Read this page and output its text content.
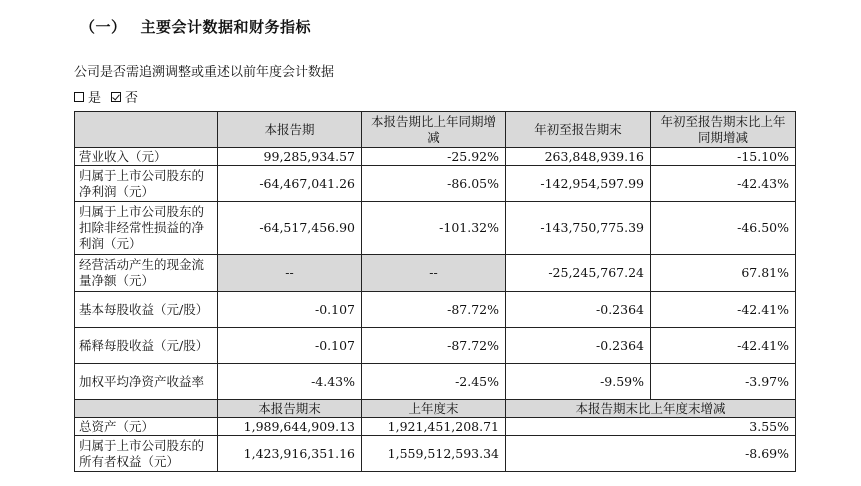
（一） 主要会计数据和财务指标
公司是否需追溯调整或重述以前年度会计数据
是 否
	本报告期	本报告期比上年同期增减	年初至报告期末	年初至报告期末比上年同期增减
营业收入（元）	99,285,934.57	-25.92%	263,848,939.16	-15.10%
归属于上市公司股东的净利润（元）	-64,467,041.26	-86.05%	-142,954,597.99	-42.43%
归属于上市公司股东的扣除非经常性损益的净利润（元）	-64,517,456.90	-101.32%	-143,750,775.39	-46.50%
经营活动产生的现金流量净额（元）	--	--	-25,245,767.24	67.81%
基本每股收益（元/股）	-0.107	-87.72%	-0.2364	-42.41%
稀释每股收益（元/股）	-0.107	-87.72%	-0.2364	-42.41%
加权平均净资产收益率	-4.43%	-2.45%	-9.59%	-3.97%
	本报告期末	上年度末	本报告期末比上年度末增减	
总资产（元）	1,989,644,909.13	1,921,451,208.71	3.55%	
归属于上市公司股东的所有者权益（元）	1,423,916,351.16	1,559,512,593.34	-8.69%	
